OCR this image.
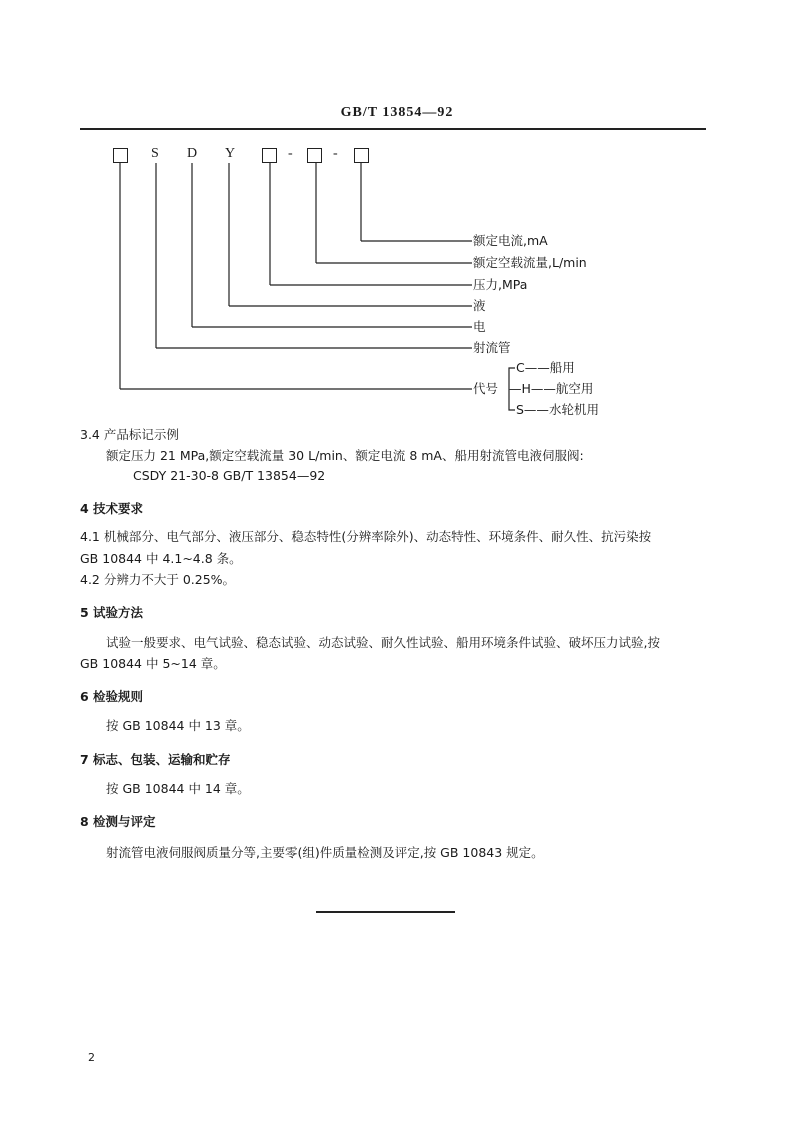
GB/T 13854—92
S D Y	-	-
额定电流,mA
额定空载流量,L/min
压力,MPa
液
电
射流管
代号
C——船用
—H——航空用
S——水轮机用
3.4 产品标记示例
额定压力 21 MPa,额定空载流量 30 L/min、额定电流 8 mA、船用射流管电液伺服阀:
CSDY 21-30-8 GB/T 13854—92
4 技术要求
4.1 机械部分、电气部分、液压部分、稳态特性(分辨率除外)、动态特性、环境条件、耐久性、抗污染按
GB 10844 中 4.1~4.8 条。
4.2 分辨力不大于 0.25%。
5 试验方法
试验一般要求、电气试验、稳态试验、动态试验、耐久性试验、船用环境条件试验、破坏压力试验,按
GB 10844 中 5~14 章。
6 检验规则
按 GB 10844 中 13 章。
7 标志、包装、运输和贮存
按 GB 10844 中 14 章。
8 检测与评定
射流管电液伺服阀质量分等,主要零(组)件质量检测及评定,按 GB 10843 规定。
2
